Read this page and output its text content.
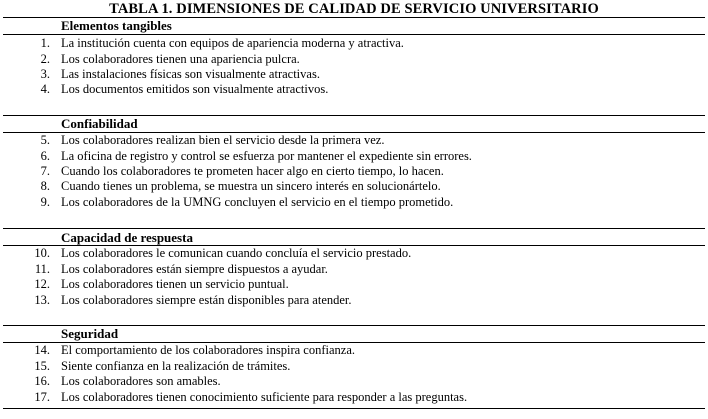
TABLA 1. DIMENSIONES DE CALIDAD DE SERVICIO UNIVERSITARIO
Elementos tangibles
1. La institución cuenta con equipos de apariencia moderna y atractiva.
2. Los colaboradores tienen una apariencia pulcra.
3. Las instalaciones físicas son visualmente atractivas.
4. Los documentos emitidos son visualmente atractivos.
Confiabilidad
5. Los colaboradores realizan bien el servicio desde la primera vez.
6. La oficina de registro y control se esfuerza por mantener el expediente sin errores.
7. Cuando los colaboradores te prometen hacer algo en cierto tiempo, lo hacen.
8. Cuando tienes un problema, se muestra un sincero interés en solucionártelo.
9. Los colaboradores de la UMNG concluyen el servicio en el tiempo prometido.
Capacidad de respuesta
10. Los colaboradores le comunican cuando concluía el servicio prestado.
11. Los colaboradores están siempre dispuestos a ayudar.
12. Los colaboradores tienen un servicio puntual.
13. Los colaboradores siempre están disponibles para atender.
Seguridad
14. El comportamiento de los colaboradores inspira confianza.
15. Siente confianza en la realización de trámites.
16. Los colaboradores son amables.
17. Los colaboradores tienen conocimiento suficiente para responder a las preguntas.
